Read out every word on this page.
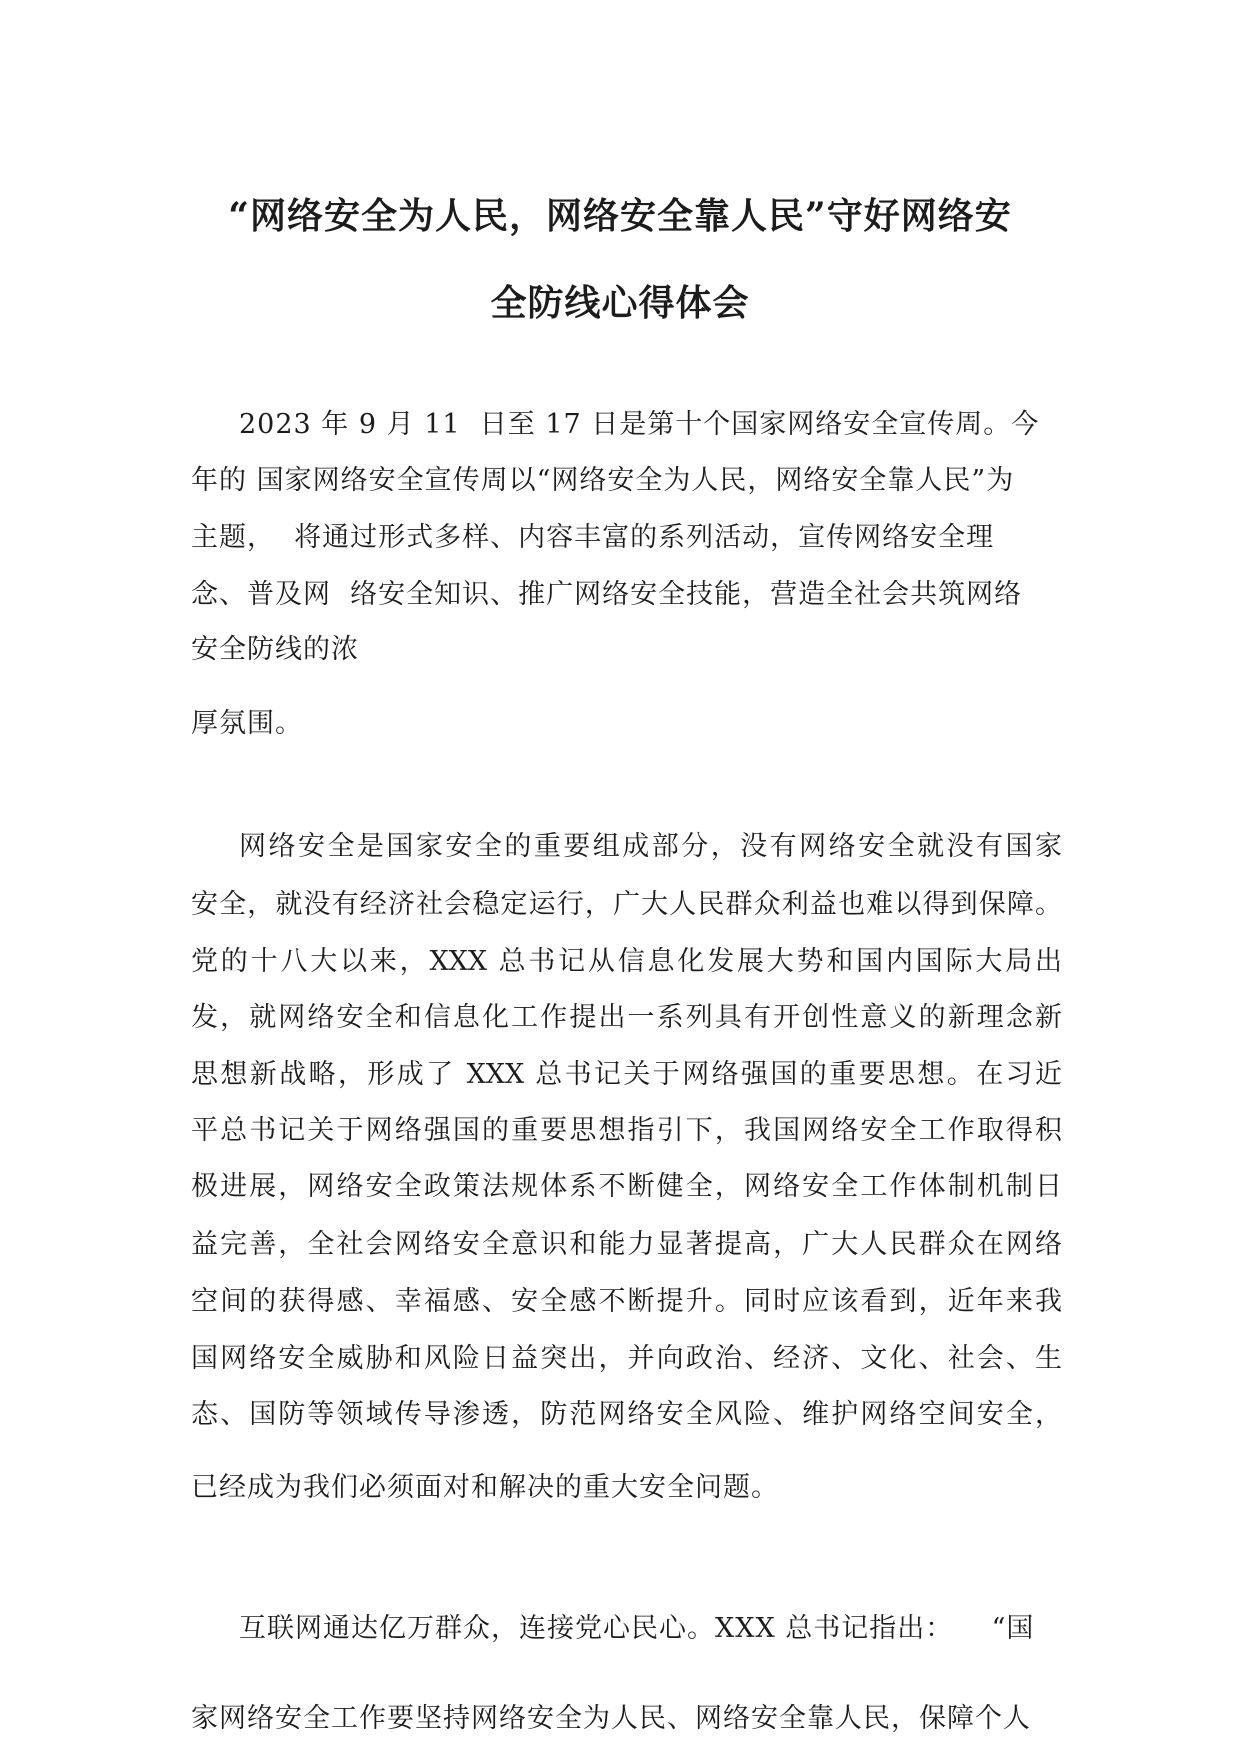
“网络安全为人民，网络安全靠人民”守好网络安
全防线心得体会
2023 年 9 月 11  日至 17 日是第十个国家网络安全宣传周。今
年的 国家网络安全宣传周以“网络安全为人民，网络安全靠人民”为
主题，  将通过形式多样、内容丰富的系列活动，宣传网络安全理
念、普及网  络安全知识、推广网络安全技能，营造全社会共筑网络
安全防线的浓
厚氛围。
网络安全是国家安全的重要组成部分，没有网络安全就没有国家
安全，就没有经济社会稳定运行，广大人民群众利益也难以得到保障。
党的十八大以来，XXX 总书记从信息化发展大势和国内国际大局出
发，就网络安全和信息化工作提出一系列具有开创性意义的新理念新
思想新战略，形成了 XXX 总书记关于网络强国的重要思想。在习近
平总书记关于网络强国的重要思想指引下，我国网络安全工作取得积
极进展，网络安全政策法规体系不断健全，网络安全工作体制机制日
益完善，全社会网络安全意识和能力显著提高，广大人民群众在网络
空间的获得感、幸福感、安全感不断提升。同时应该看到，近年来我
国网络安全威胁和风险日益突出，并向政治、经济、文化、社会、生
态、国防等领域传导渗透，防范网络安全风险、维护网络空间安全，
已经成为我们必须面对和解决的重大安全问题。
互联网通达亿万群众，连接党心民心。XXX 总书记指出：    “国
家网络安全工作要坚持网络安全为人民、网络安全靠人民，保障个人
